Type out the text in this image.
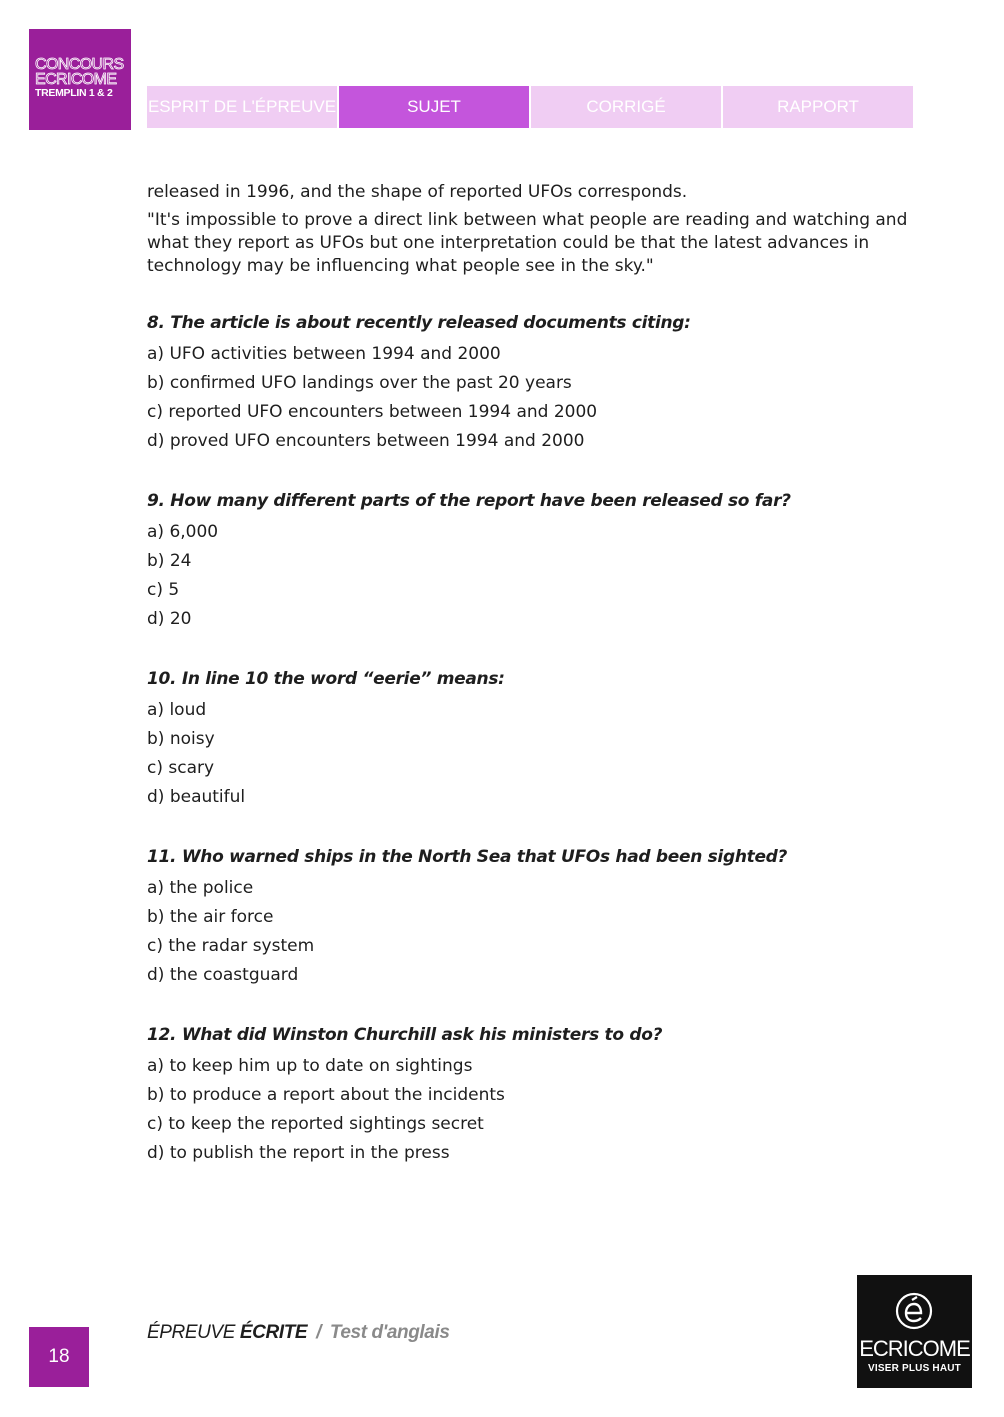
CONCOURS
ECRICOME
TREMPLIN 1 & 2
ESPRIT DE L'ÉPREUVE	SUJET	CORRIGÉ	RAPPORT

released in 1996, and the shape of reported UFOs corresponds.

"It's impossible to prove a direct link between what people are reading and watching and what they report as UFOs but one interpretation could be that the latest advances in technology may be influencing what people see in the sky."

8. The article is about recently released documents citing:

a) UFO activities between 1994 and 2000
b) confirmed UFO landings over the past 20 years
c) reported UFO encounters between 1994 and 2000
d) proved UFO encounters between 1994 and 2000

9. How many different parts of the report have been released so far?

a) 6,000
b) 24
c) 5
d) 20

10. In line 10 the word “eerie” means:

a) loud
b) noisy
c) scary
d) beautiful

11. Who warned ships in the North Sea that UFOs had been sighted?

a) the police
b) the air force
c) the radar system
d) the coastguard

12. What did Winston Churchill ask his ministers to do?

a) to keep him up to date on sightings
b) to produce a report about the incidents
c) to keep the reported sightings secret
d) to publish the report in the press
ÉPREUVE ÉCRITE / Test d'anglais
18	ECRICOME
VISER PLUS HAUT
